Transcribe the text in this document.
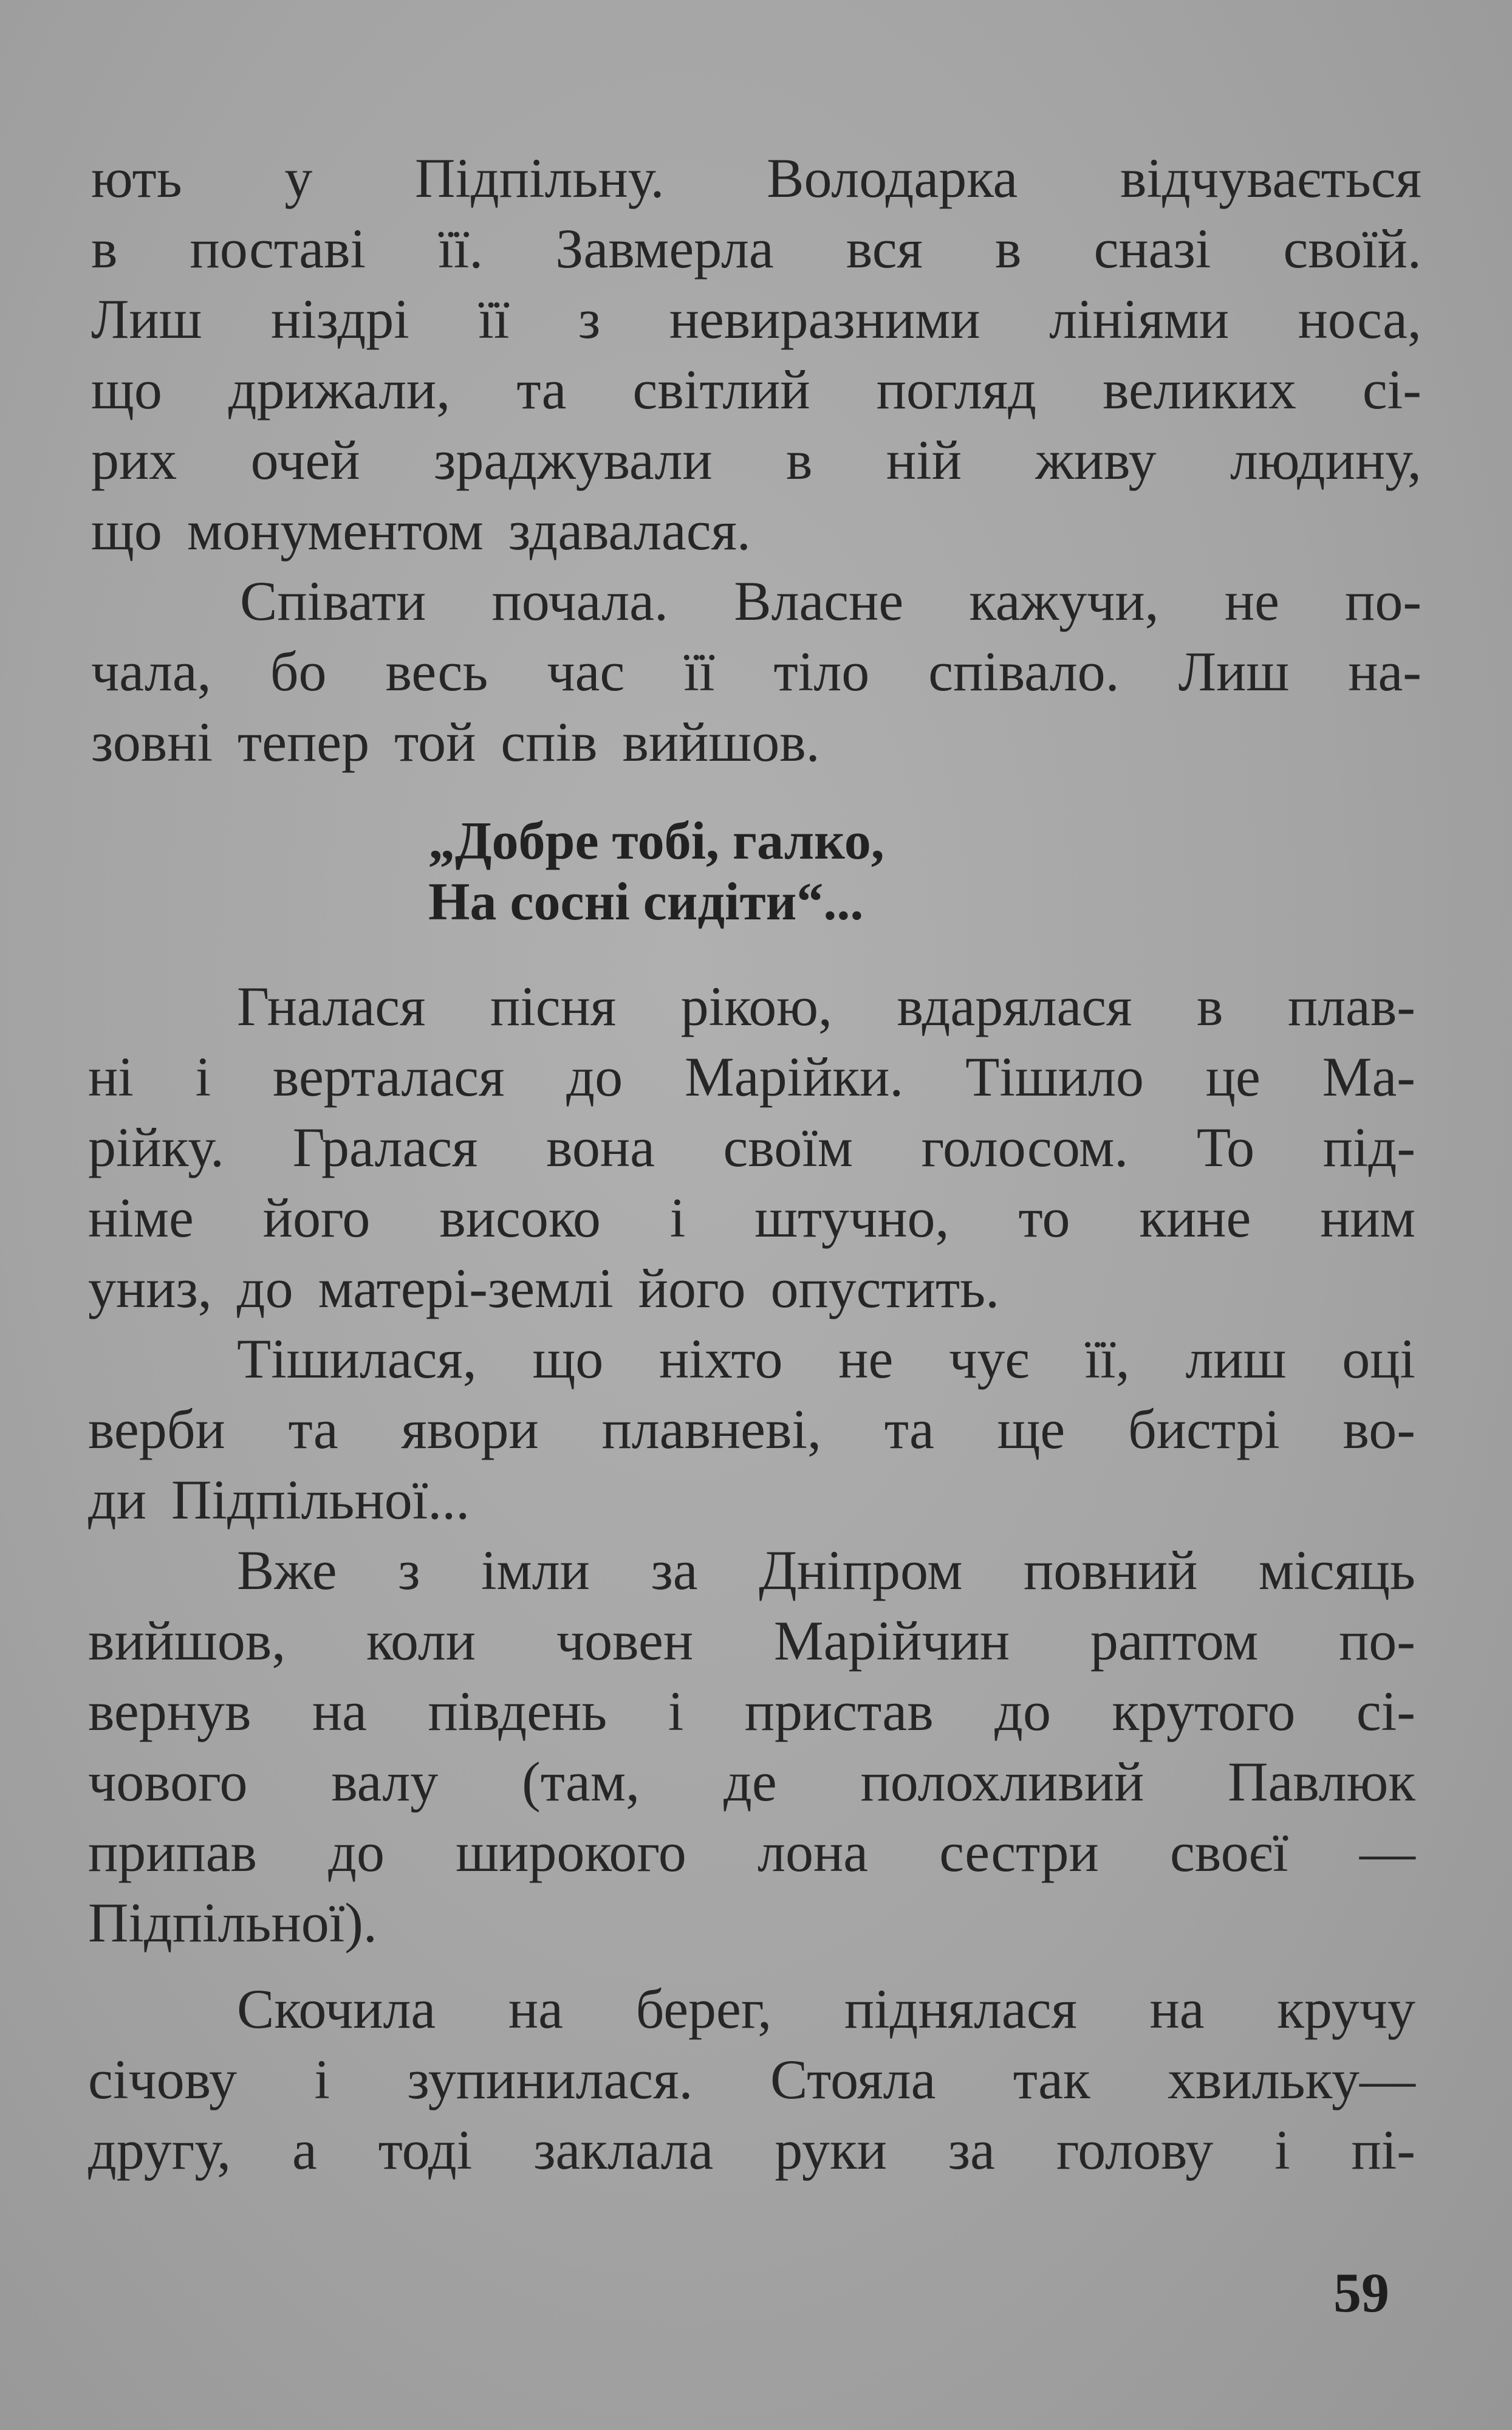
ють у Підпільну. Володарка відчувається
в поставі її. Завмерла вся в сназі своїй.
Лиш ніздрі її з невиразними лініями носа,
що дрижали, та світлий погляд великих сі-
рих очей зраджували в ній живу людину,
що монументом здавалася.
Співати почала. Власне кажучи, не по-
чала, бо весь час її тіло співало. Лиш на-
зовні тепер той спів вийшов.
„Добре тобі, галко,
На сосні сидіти“...
Гналася пісня рікою, вдарялася в плав-
ні і верталася до Марійки. Тішило це Ма-
рійку. Гралася вона своїм голосом. То під-
німе його високо і штучно, то кине ним
униз, до матері-землі його опустить.
Тішилася, що ніхто не чує її, лиш оці
верби та явори плавневі, та ще бистрі во-
ди Підпільної...
Вже з імли за Дніпром повний місяць
вийшов, коли човен Марійчин раптом по-
вернув на південь і пристав до крутого сі-
чового валу (там, де полохливий Павлюк
припав до широкого лона сестри своєї —
Підпільної).
Скочила на берег, піднялася на кручу
січову і зупинилася. Стояла так хвильку—
другу, а тоді заклала руки за голову і пі-
59
